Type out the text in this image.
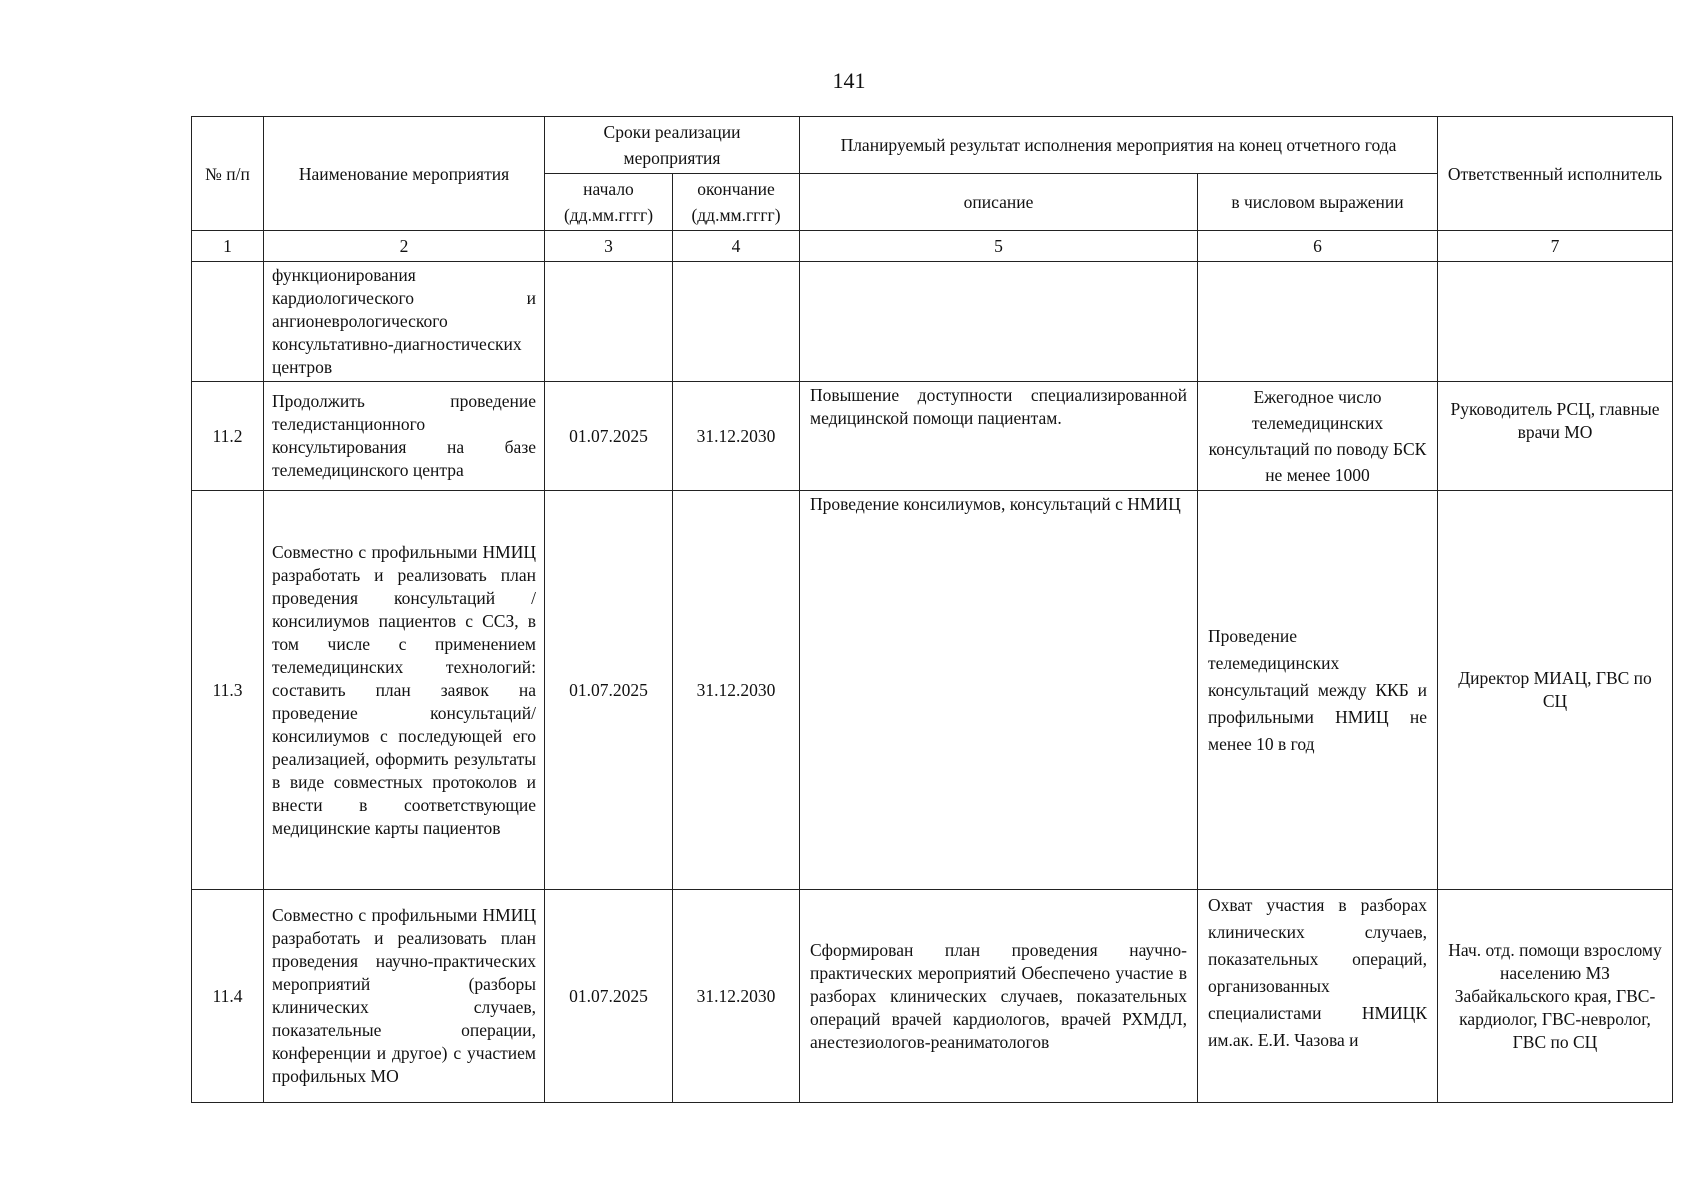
141
№ п/п	Наименование мероприятия	Сроки реализации мероприятия		Планируемый результат исполнения мероприятия на конец отчетного года		Ответственный исполнитель
		начало (дд.мм.гггг)	окончание (дд.мм.гггг)	описание	в числовом выражении	
1	2	3	4	5	6	7
	функционирования кардиологического и ангионеврологического консультативно-диагностических центров					
11.2	Продолжить проведение теледистанционного консультирования на базе телемедицинского центра	01.07.2025	31.12.2030	Повышение доступности специализированной медицинской помощи пациентам.	Ежегодное число телемедицинских консультаций по поводу БСК не менее 1000	Руководитель РСЦ, главные врачи МО
11.3	Совместно с профильными НМИЦ разработать и реализовать план проведения консультаций / консилиумов пациентов с ССЗ, в том числе с применением телемедицинских технологий: составить план заявок на проведение консультаций/консилиумов с последующей его реализацией, оформить результаты в виде совместных протоколов и внести в соответствующие медицинские карты пациентов	01.07.2025	31.12.2030	Проведение консилиумов, консультаций с НМИЦ	Проведение телемедицинских консультаций между ККБ и профильными НМИЦ не менее 10 в год	Директор МИАЦ, ГВС по СЦ
11.4	Совместно с профильными НМИЦ разработать и реализовать план проведения научно-практических мероприятий (разборы клинических случаев, показательные операции, конференции и другое) с участием профильных МО	01.07.2025	31.12.2030	Сформирован план проведения научно-практических мероприятий Обеспечено участие в разборах клинических случаев, показательных операций врачей кардиологов, врачей РХМДЛ, анестезиологов-реаниматологов	Охват участия в разборах клинических случаев, показательных операций, организованных специалистами НМИЦК им.ак. Е.И. Чазова и	Нач. отд. помощи взрослому населению МЗ Забайкальского края, ГВС-кардиолог, ГВС-невролог, ГВС по СЦ
